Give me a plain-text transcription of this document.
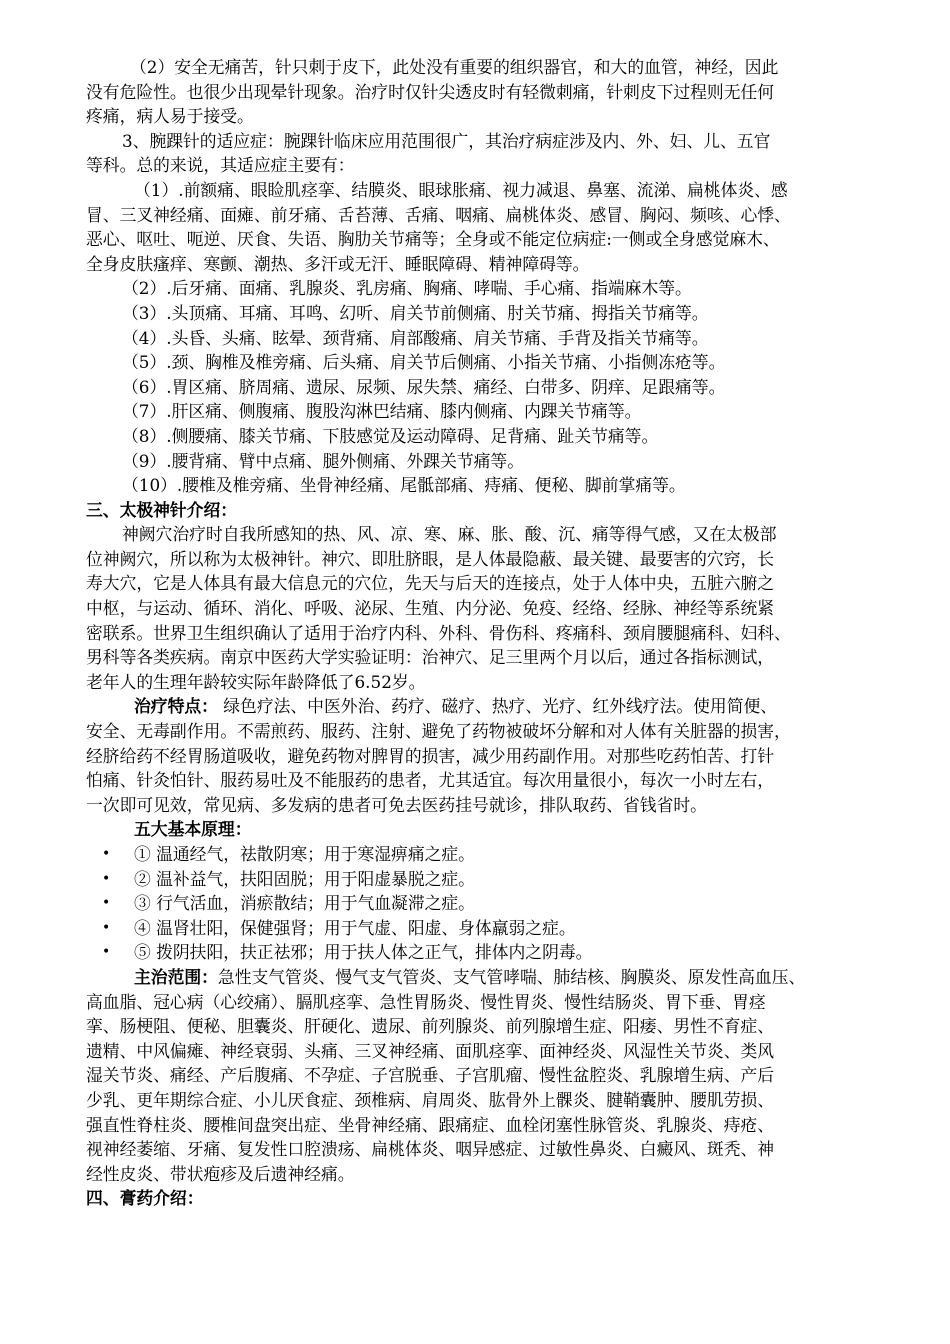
（2）安全无痛苦，针只刺于皮下，此处没有重要的组织器官，和大的血管，神经，因此
没有危险性。也很少出现晕针现象。治疗时仅针尖透皮时有轻微刺痛，针刺皮下过程则无任何
疼痛，病人易于接受。
3、腕踝针的适应症：腕踝针临床应用范围很广，其治疗病症涉及内、外、妇、儿、五官
等科。总的来说，其适应症主要有：
（1）.前额痛、眼睑肌痉挛、结膜炎、眼球胀痛、视力减退、鼻塞、流涕、扁桃体炎、感
冒、三叉神经痛、面瘫、前牙痛、舌苔薄、舌痛、咽痛、扁桃体炎、感冒、胸闷、频咳、心悸、
恶心、呕吐、呃逆、厌食、失语、胸肋关节痛等；全身或不能定位病症:一侧或全身感觉麻木、
全身皮肤瘙痒、寒颤、潮热、多汗或无汗、睡眠障碍、精神障碍等。
（2）.后牙痛、面痛、乳腺炎、乳房痛、胸痛、哮喘、手心痛、指端麻木等。
（3）.头顶痛、耳痛、耳鸣、幻听、肩关节前侧痛、肘关节痛、拇指关节痛等。
（4）.头昏、头痛、眩晕、颈背痛、肩部酸痛、肩关节痛、手背及指关节痛等。
（5）.颈、胸椎及椎旁痛、后头痛、肩关节后侧痛、小指关节痛、小指侧冻疮等。
（6）.胃区痛、脐周痛、遗尿、尿频、尿失禁、痛经、白带多、阴痒、足跟痛等。
（7）.肝区痛、侧腹痛、腹股沟淋巴结痛、膝内侧痛、内踝关节痛等。
（8）.侧腰痛、膝关节痛、下肢感觉及运动障碍、足背痛、趾关节痛等。
（9）.腰背痛、臂中点痛、腿外侧痛、外踝关节痛等。
（10）.腰椎及椎旁痛、坐骨神经痛、尾骶部痛、痔痛、便秘、脚前掌痛等。
三、太极神针介绍：
神阙穴治疗时自我所感知的热、风、凉、寒、麻、胀、酸、沉、痛等得气感，又在太极部
位神阙穴，所以称为太极神针。神穴、即肚脐眼，是人体最隐蔽、最关键、最要害的穴窍，长
寿大穴，它是人体具有最大信息元的穴位，先天与后天的连接点，处于人体中央，五脏六腑之
中枢，与运动、循环、消化、呼吸、泌尿、生殖、内分泌、免疫、经络、经脉、神经等系统紧
密联系。世界卫生组织确认了适用于治疗内科、外科、骨伤科、疼痛科、颈肩腰腿痛科、妇科、
男科等各类疾病。南京中医药大学实验证明：治神穴、足三里两个月以后，通过各指标测试，
老年人的生理年龄较实际年龄降低了6.52岁。
治疗特点： 绿色疗法、中医外治、药疗、磁疗、热疗、光疗、红外线疗法。使用简便、
安全、无毒副作用。不需煎药、服药、注射、避免了药物被破坏分解和对人体有关脏器的损害，
经脐给药不经胃肠道吸收，避免药物对脾胃的损害，减少用药副作用。对那些吃药怕苦、打针
怕痛、针灸怕针、服药易吐及不能服药的患者，尤其适宜。每次用量很小，每次一小时左右，
一次即可见效，常见病、多发病的患者可免去医药挂号就诊，排队取药、省钱省时。
五大基本原理：
• ① 温通经气，祛散阴寒；用于寒湿痹痛之症。
• ② 温补益气，扶阳固脱；用于阳虚暴脱之症。
• ③ 行气活血，消瘀散结；用于气血凝滞之症。
• ④ 温肾壮阳，保健强肾；用于气虚、阳虚、身体羸弱之症。
• ⑤ 拨阴扶阳，扶正祛邪；用于扶人体之正气，排体内之阴毒。
主治范围：急性支气管炎、慢气支气管炎、支气管哮喘、肺结核、胸膜炎、原发性高血压、
高血脂、冠心病（心绞痛）、膈肌痉挛、急性胃肠炎、慢性胃炎、慢性结肠炎、胃下垂、胃痉
挛、肠梗阻、便秘、胆囊炎、肝硬化、遗尿、前列腺炎、前列腺增生症、阳痿、男性不育症、
遗精、中风偏瘫、神经衰弱、头痛、三叉神经痛、面肌痉挛、面神经炎、风湿性关节炎、类风
湿关节炎、痛经、产后腹痛、不孕症、子宫脱垂、子宫肌瘤、慢性盆腔炎、乳腺增生病、产后
少乳、更年期综合症、小儿厌食症、颈椎病、肩周炎、肱骨外上髁炎、腱鞘囊肿、腰肌劳损、
强直性脊柱炎、腰椎间盘突出症、坐骨神经痛、跟痛症、血栓闭塞性脉管炎、乳腺炎、痔疮、
视神经萎缩、牙痛、复发性口腔溃疡、扁桃体炎、咽异感症、过敏性鼻炎、白癜风、斑秃、神
经性皮炎、带状疱疹及后遗神经痛。
四、膏药介绍：
